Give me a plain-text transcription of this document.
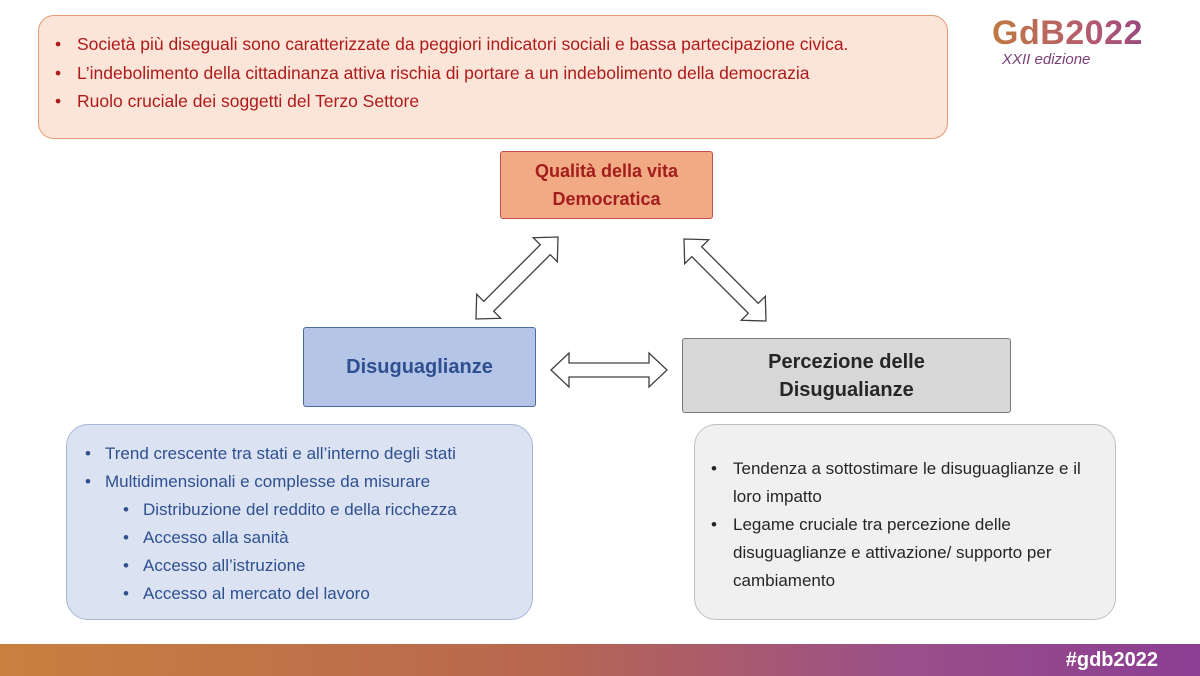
• Società più diseguali sono caratterizzate da peggiori indicatori sociali e bassa partecipazione civica.
• L’indebolimento della cittadinanza attiva rischia di portare a un indebolimento della democrazia
• Ruolo cruciale dei soggetti del Terzo Settore
GdB2022
XXII edizione
Qualità della vita
Democratica
Disuguaglianze	Percezione delle
Disugualianze
• Trend crescente tra stati e all’interno degli stati
• Multidimensionali e complesse da misurare
• Distribuzione del reddito e della ricchezza
• Accesso alla sanità
• Accesso all’istruzione
• Accesso al mercato del lavoro
• Tendenza a sottostimare le disuguaglianze e il loro impatto
• Legame cruciale tra percezione delle disuguaglianze e attivazione/ supporto per cambiamento
#gdb2022
